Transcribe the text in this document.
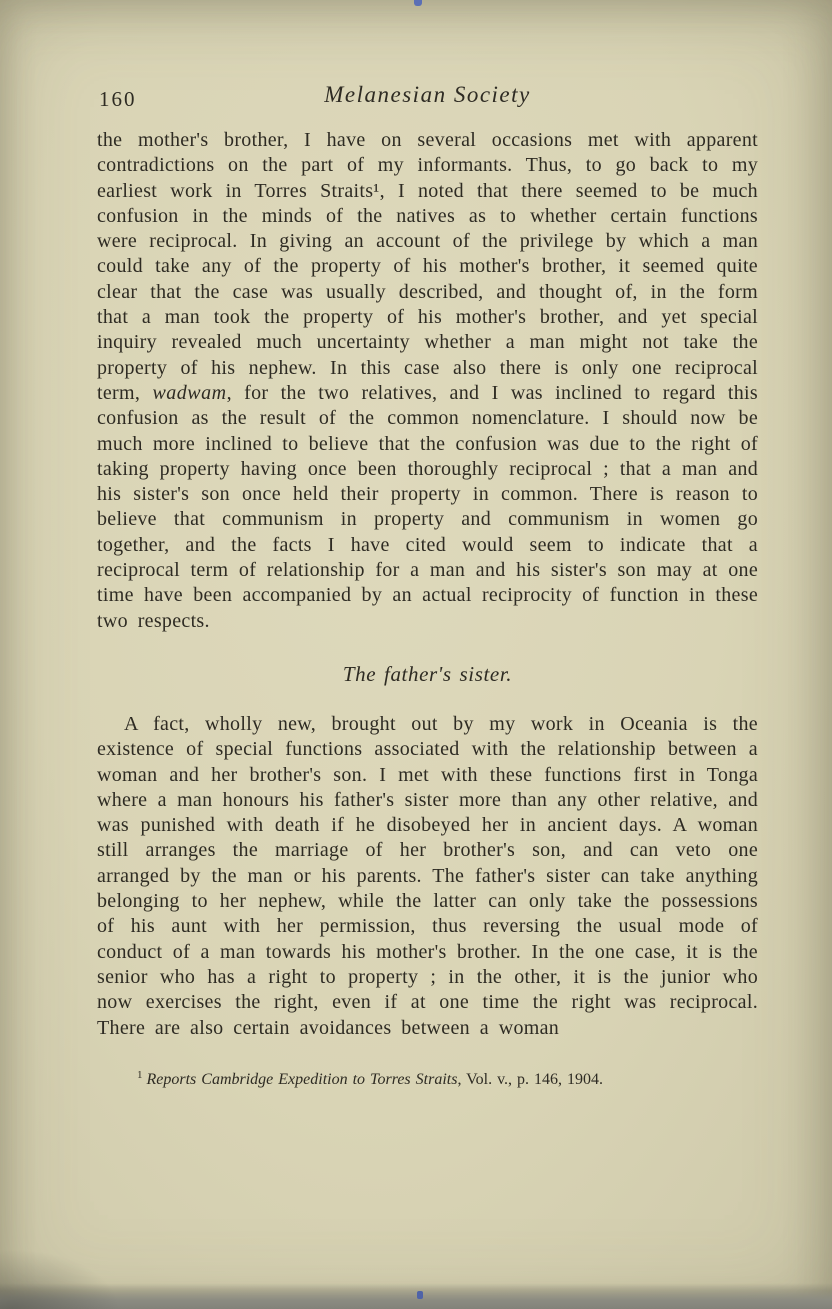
160	Melanesian Society

the mother's brother, I have on several occasions met with apparent contradictions on the part of my informants. Thus, to go back to my earliest work in Torres Straits¹, I noted that there seemed to be much confusion in the minds of the natives as to whether certain functions were reciprocal. In giving an account of the privilege by which a man could take any of the property of his mother's brother, it seemed quite clear that the case was usually described, and thought of, in the form that a man took the property of his mother's brother, and yet special inquiry revealed much uncertainty whether a man might not take the property of his nephew. In this case also there is only one reciprocal term, wadwam, for the two relatives, and I was inclined to regard this confusion as the result of the common nomenclature. I should now be much more inclined to believe that the confusion was due to the right of taking property having once been thoroughly reciprocal ; that a man and his sister's son once held their property in common. There is reason to believe that communism in property and communism in women go together, and the facts I have cited would seem to indicate that a reciprocal term of relationship for a man and his sister's son may at one time have been accompanied by an actual reciprocity of function in these two respects.

The father's sister.

A fact, wholly new, brought out by my work in Oceania is the existence of special functions associated with the relationship between a woman and her brother's son. I met with these functions first in Tonga where a man honours his father's sister more than any other relative, and was punished with death if he disobeyed her in ancient days. A woman still arranges the marriage of her brother's son, and can veto one arranged by the man or his parents. The father's sister can take anything belonging to her nephew, while the latter can only take the possessions of his aunt with her permission, thus reversing the usual mode of conduct of a man towards his mother's brother. In the one case, it is the senior who has a right to property ; in the other, it is the junior who now exercises the right, even if at one time the right was reciprocal. There are also certain avoidances between a woman

$^1$ Reports Cambridge Expedition to Torres Straits, Vol. v., p. 146, 1904.
